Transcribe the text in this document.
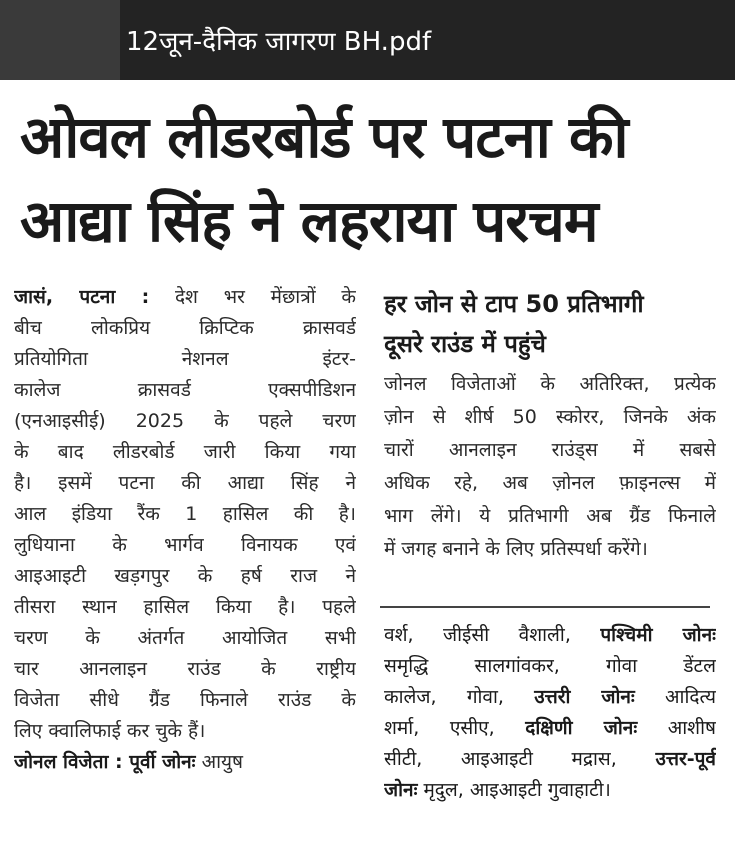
12जून-दैनिक जागरण BH.pdf
ओवल लीडरबोर्ड पर पटना की
आद्या सिंह ने लहराया परचम
जासं, पटना : देश भर मेंछात्रों के
बीच लोकप्रिय क्रिप्टिक क्रासवर्ड
प्रतियोगिता नेशनल इंटर-
कालेज क्रासवर्ड एक्सपीडिशन
(एनआइसीई) 2025 के पहले चरण
के बाद लीडरबोर्ड जारी किया गया
है। इसमें पटना की आद्या सिंह ने
आल इंडिया रैंक 1 हासिल की है।
लुधियाना के भार्गव विनायक एवं
आइआइटी खड़गपुर के हर्ष राज ने
तीसरा स्थान हासिल किया है। पहले
चरण के अंतर्गत आयोजित सभी
चार आनलाइन राउंड के राष्ट्रीय
विजेता सीधे ग्रैंड फिनाले राउंड के
लिए क्वालिफाई कर चुके हैं।
जोनल विजेता : पूर्वी जोनः आयुष
हर जोन से टाप 50 प्रतिभागी
दूसरे राउंड में पहुंचे
जोनल विजेताओं के अतिरिक्त, प्रत्येक
ज़ोन से शीर्ष 50 स्कोरर, जिनके अंक
चारों आनलाइन राउंड्स में सबसे
अधिक रहे, अब ज़ोनल फ़ाइनल्स में
भाग लेंगे। ये प्रतिभागी अब ग्रैंड फिनाले
में जगह बनाने के लिए प्रतिस्पर्धा करेंगे।
वर्श, जीईसी वैशाली, पश्चिमी जोनः
समृद्धि सालगांवकर, गोवा डेंटल
कालेज, गोवा, उत्तरी जोनः आदित्य
शर्मा, एसीए, दक्षिणी जोनः आशीष
सीटी, आइआइटी मद्रास, उत्तर-पूर्व
जोनः मृदुल, आइआइटी गुवाहाटी।
